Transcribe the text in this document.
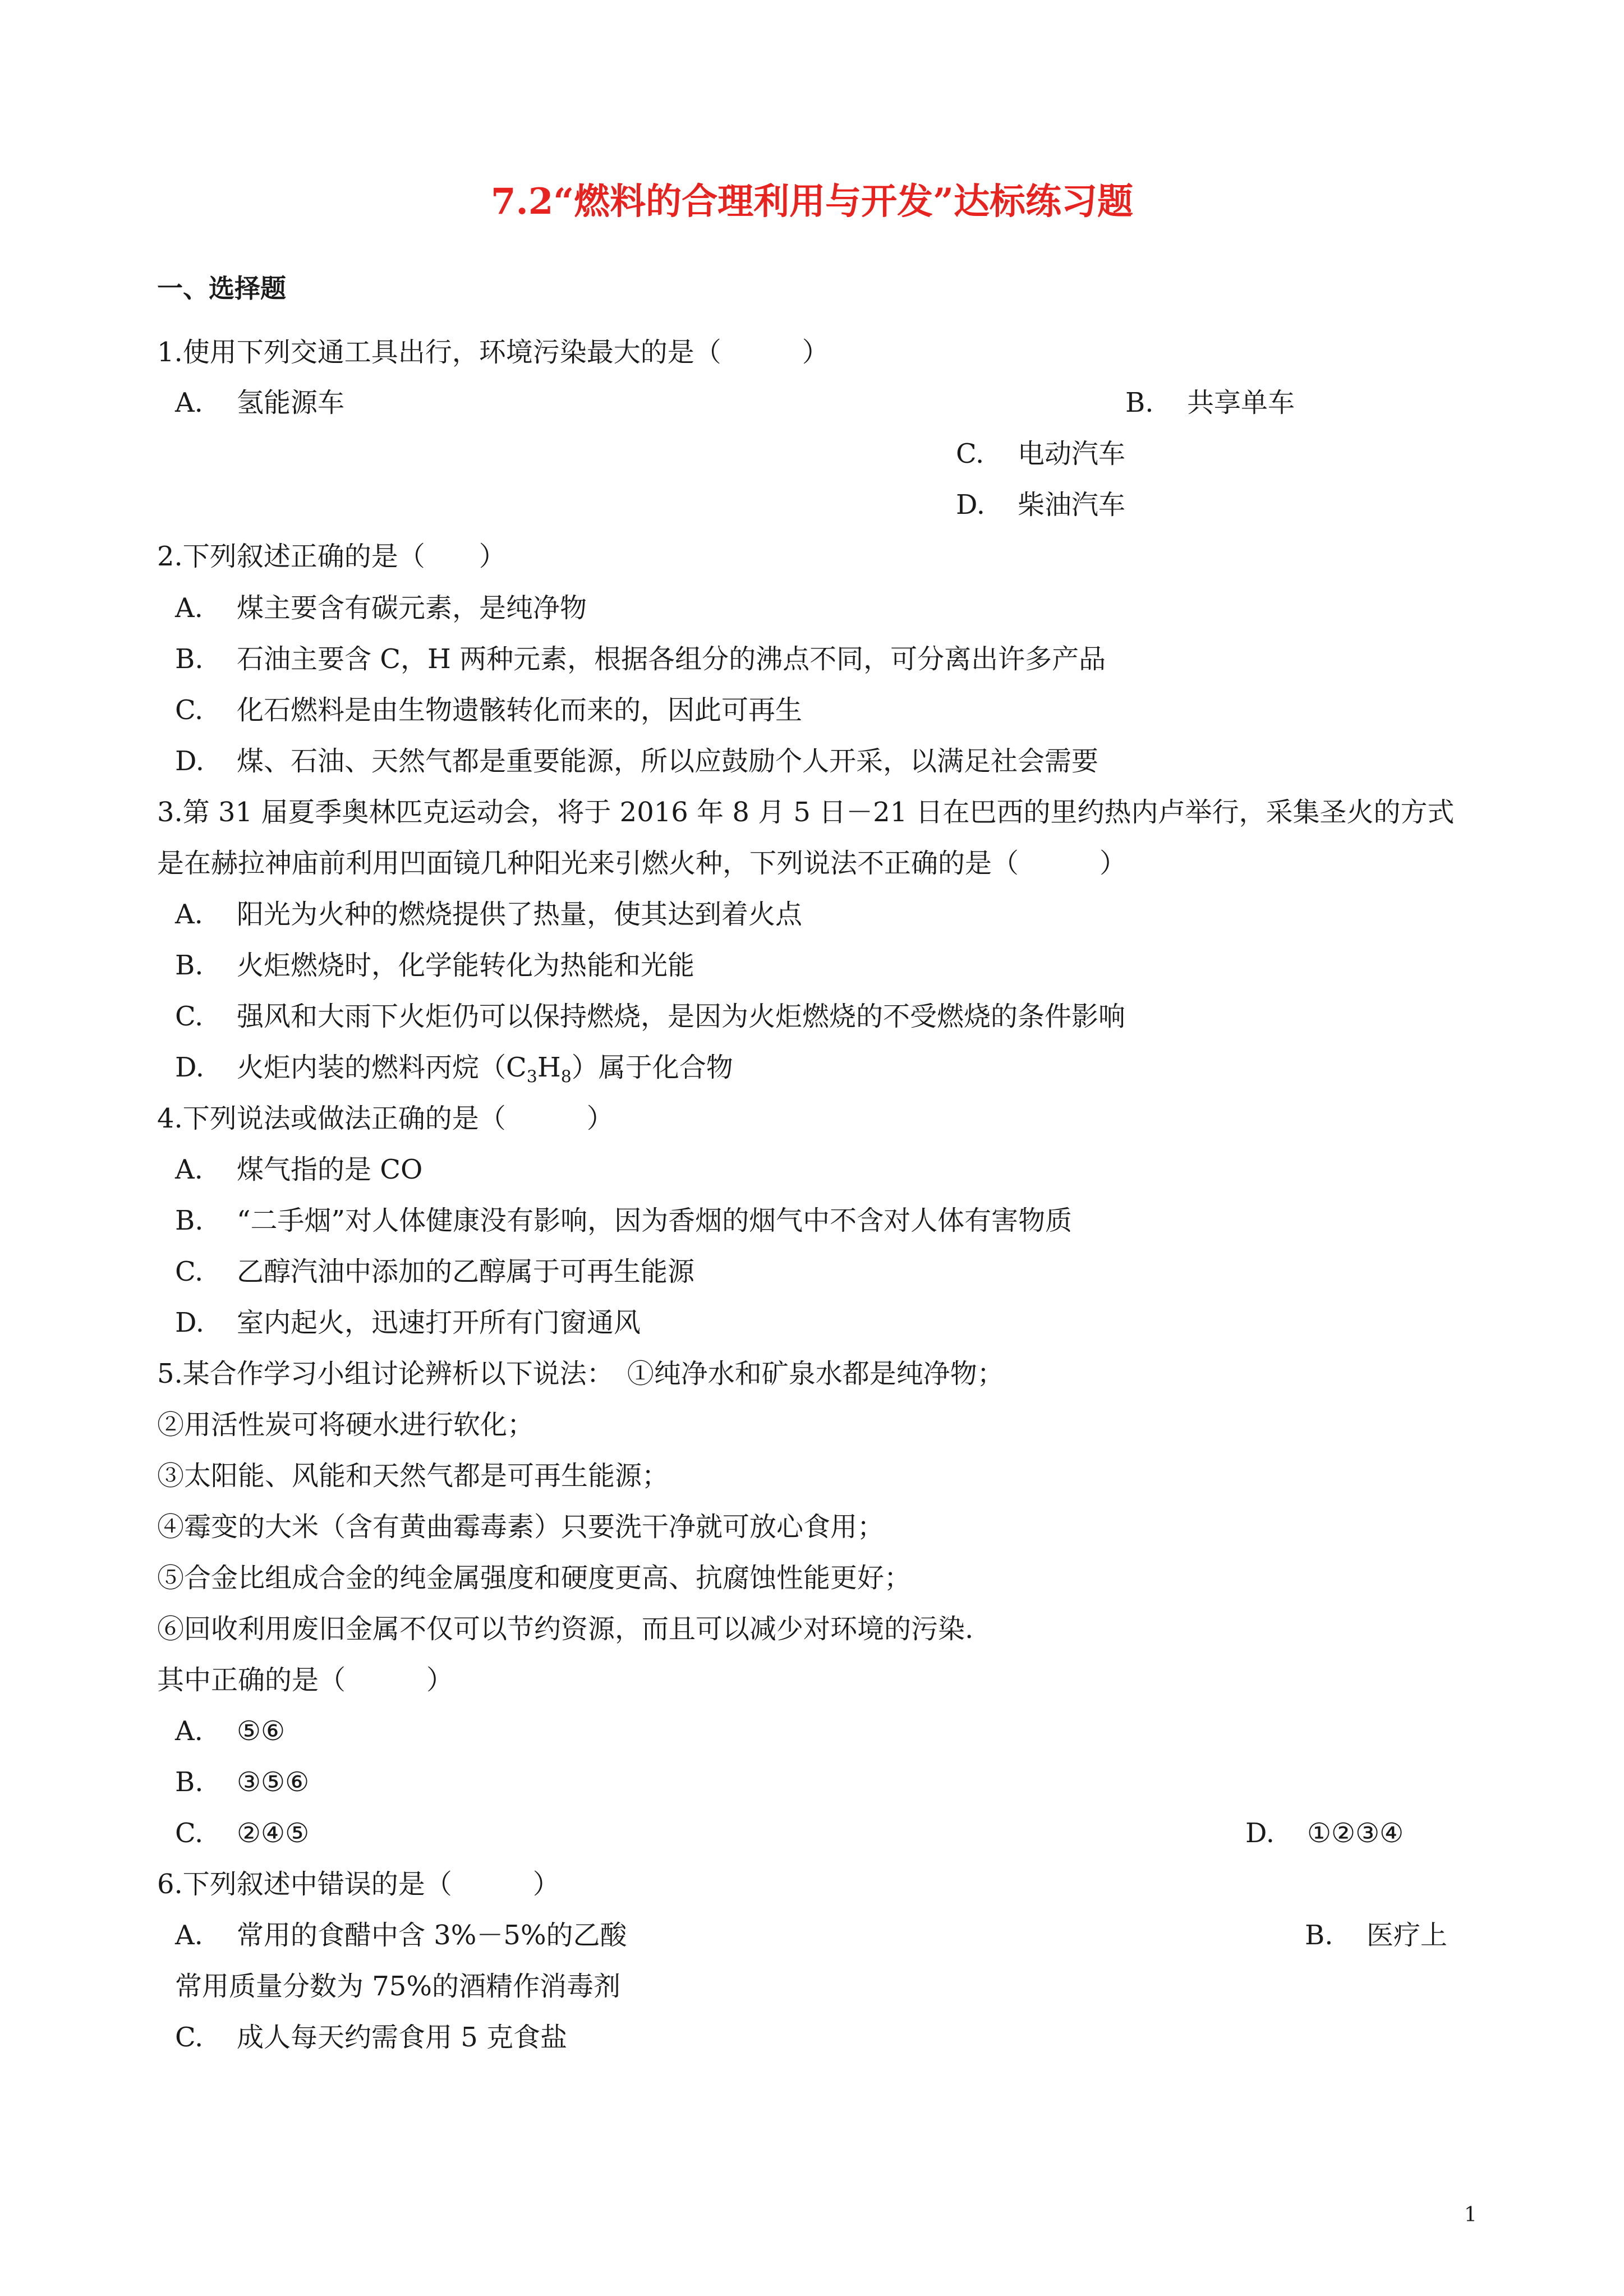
7.2“燃料的合理利用与开发”达标练习题
一、选择题
1.使用下列交通工具出行，环境污染最大的是（　　　）
A. 氢能源车	B. 共享单车
C. 电动汽车
D. 柴油汽车
2.下列叙述正确的是（　　）
A. 煤主要含有碳元素，是纯净物
B. 石油主要含 C，H 两种元素，根据各组分的沸点不同，可分离出许多产品
C. 化石燃料是由生物遗骸转化而来的，因此可再生
D. 煤、石油、天然气都是重要能源，所以应鼓励个人开采，以满足社会需要
3.第 31 届夏季奥林匹克运动会，将于 2016 年 8 月 5 日－21 日在巴西的里约热内卢举行，采集圣火的方式
是在赫拉神庙前利用凹面镜几种阳光来引燃火种，下列说法不正确的是（　　　）
A. 阳光为火种的燃烧提供了热量，使其达到着火点
B. 火炬燃烧时，化学能转化为热能和光能
C. 强风和大雨下火炬仍可以保持燃烧，是因为火炬燃烧的不受燃烧的条件影响
D. 火炬内装的燃料丙烷$(C_3H_8)$属于化合物
4.下列说法或做法正确的是（　　　）
A. 煤气指的是 CO
B. “二手烟”对人体健康没有影响，因为香烟的烟气中不含对人体有害物质
C. 乙醇汽油中添加的乙醇属于可再生能源
D. 室内起火，迅速打开所有门窗通风
5.某合作学习小组讨论辨析以下说法：　①纯净水和矿泉水都是纯净物；
②用活性炭可将硬水进行软化；
③太阳能、风能和天然气都是可再生能源；
④霉变的大米（含有黄曲霉毒素）只要洗干净就可放心食用；
⑤合金比组成合金的纯金属强度和硬度更高、抗腐蚀性能更好；
⑥回收利用废旧金属不仅可以节约资源，而且可以减少对环境的污染.
其中正确的是（　　　）
A. ⑤⑥
B. ③⑤⑥
C. ②④⑤	D. ①②③④
6.下列叙述中错误的是（　　　）
A. 常用的食醋中含 3%－5%的乙酸	B. 医疗上
常用质量分数为 75%的酒精作消毒剂
C. 成人每天约需食用 5 克食盐
1
